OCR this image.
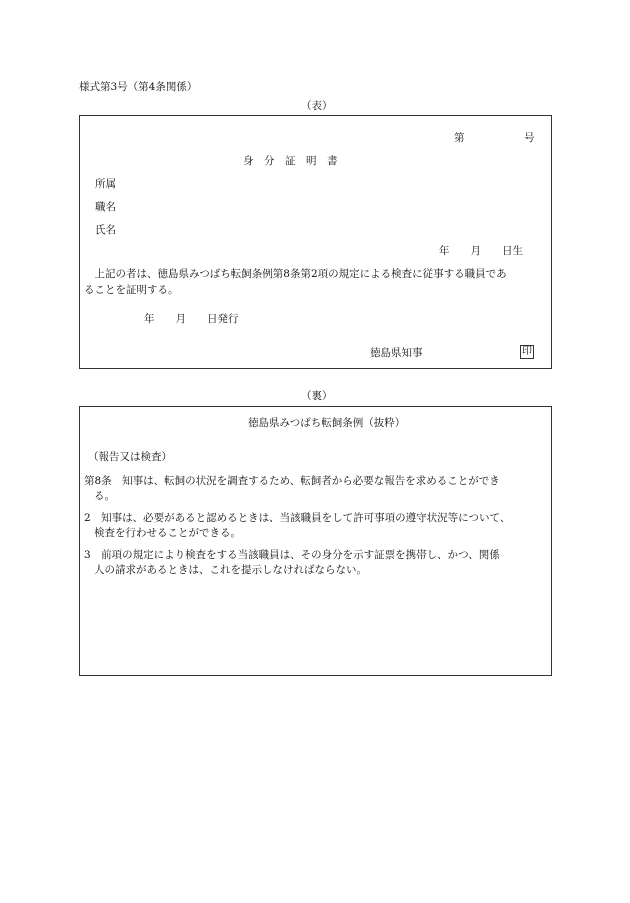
様式第3号（第4条関係）
（表）
第	号
身　分　証　明　書
所属
職名
氏名
年　　月　　日生
　上記の者は、徳島県みつばち転飼条例第8条第2項の規定による検査に従事する職員であ
ることを証明する。
年　　月　　日発行
徳島県知事	印
（裏）
徳島県みつばち転飼条例（抜粋）
（報告又は検査）
第8条　知事は、転飼の状況を調査するため、転飼者から必要な報告を求めることができ
る。
2　知事は、必要があると認めるときは、当該職員をして許可事項の遵守状況等について、
検査を行わせることができる。
3　前項の規定により検査をする当該職員は、その身分を示す証票を携帯し、かつ、関係
人の請求があるときは、これを提示しなければならない。
